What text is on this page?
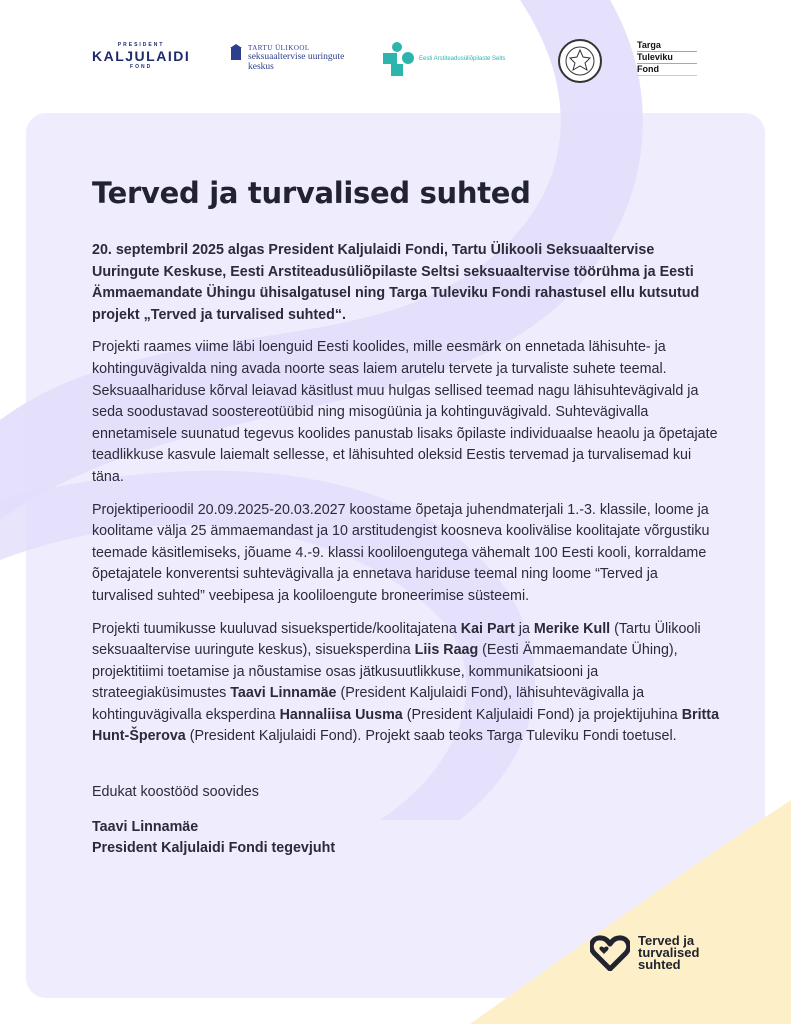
PRESIDENT
KALJULAIDI
FOND
TARTU ÜLIKOOL
seksuaaltervise uuringute
keskus
Eesti Arstiteadusüliõpilaste Selts
Targa
Tuleviku
Fond
Terved ja turvalised suhted

20. septembril 2025 algas President Kaljulaidi Fondi, Tartu Ülikooli Seksuaaltervise Uuringute Keskuse, Eesti Arstiteadusüliõpilaste Seltsi seksuaaltervise töörühma ja Eesti Ämmaemandate Ühingu ühisalgatusel ning Targa Tuleviku Fondi rahastusel ellu kutsutud projekt „Terved ja turvalised suhted“.

Projekti raames viime läbi loenguid Eesti koolides, mille eesmärk on ennetada lähisuhte- ja kohtinguvägivalda ning avada noorte seas laiem arutelu tervete ja turvaliste suhete teemal. Seksuaalhariduse kõrval leiavad käsitlust muu hulgas sellised teemad nagu lähisuhtevägivald ja seda soodustavad soostereotüübid ning misogüünia ja kohtinguvägivald. Suhtevägivalla ennetamisele suunatud tegevus koolides panustab lisaks õpilaste individuaalse heaolu ja õpetajate teadlikkuse kasvule laiemalt sellesse, et lähisuhted oleksid Eestis tervemad ja turvalisemad kui täna.

Projektiperioodil 20.09.2025-20.03.2027 koostame õpetaja juhendmaterjali 1.-3. klassile, loome ja koolitame välja 25 ämmaemandast ja 10 arstitudengist koosneva koolivälise koolitajate võrgustiku teemade käsitlemiseks, jõuame 4.-9. klassi kooliloengutega vähemalt 100 Eesti kooli, korraldame õpetajatele konverentsi suhtevägivalla ja ennetava hariduse teemal ning loome “Terved ja turvalised suhted” veebipesa ja kooliloengute broneerimise süsteemi.

Projekti tuumikusse kuuluvad sisuekspertide/koolitajatena Kai Part ja Merike Kull (Tartu Ülikooli seksuaaltervise uuringute keskus), sisueksperdina Liis Raag (Eesti Ämmaemandate Ühing), projektitiimi toetamise ja nõustamise osas jätkusuutlikkuse, kommunikatsiooni ja strateegiaküsimustes Taavi Linnamäe (President Kaljulaidi Fond), lähisuhtevägivalla ja kohtinguvägivalla eksperdina Hannaliisa Uusma (President Kaljulaidi Fond) ja projektijuhina Britta Hunt-Šperova (President Kaljulaidi Fond). Projekt saab teoks Targa Tuleviku Fondi toetusel.

Edukat koostööd soovides

Taavi Linnamäe
President Kaljulaidi Fondi tegevjuht

Terved ja turvalised suhted
